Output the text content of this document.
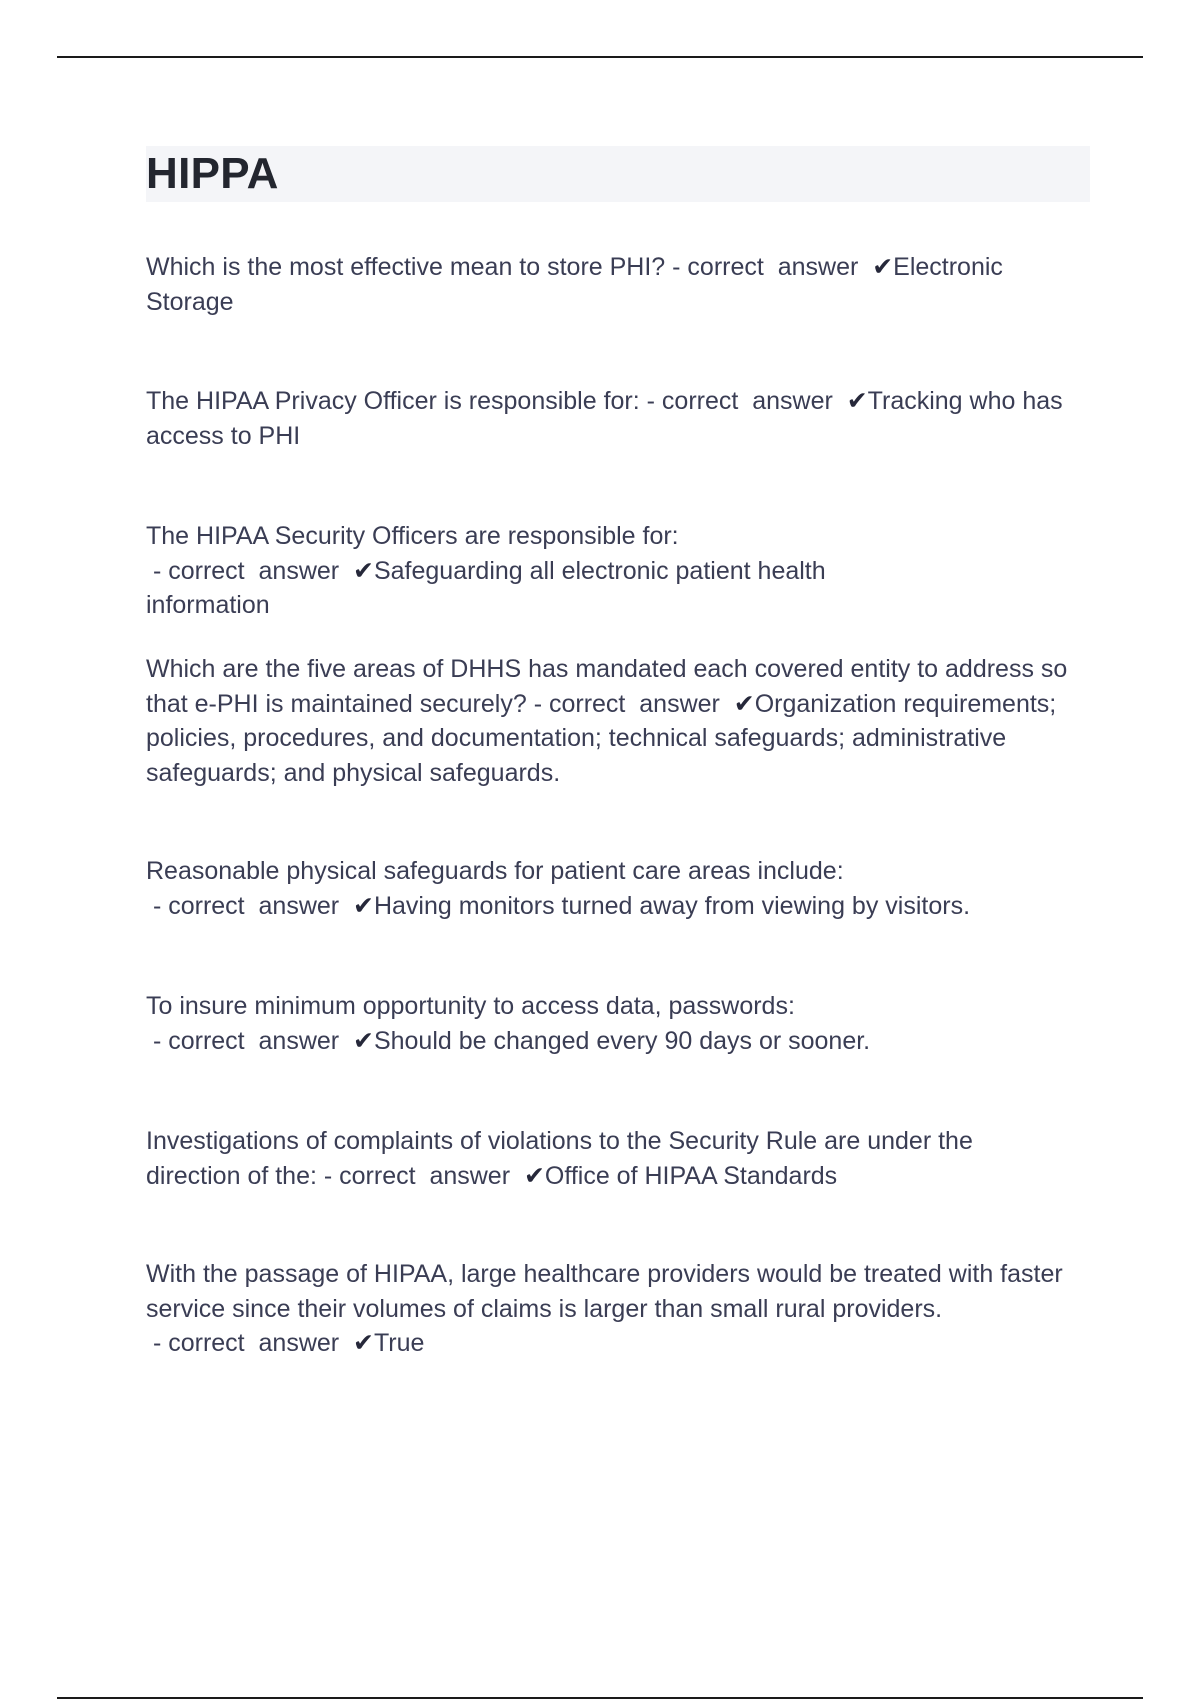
HIPPA

Which is the most effective mean to store PHI? - correct  answer  ✔Electronic Storage

The HIPAA Privacy Officer is responsible for: - correct  answer  ✔Tracking who has access to PHI

The HIPAA Security Officers are responsible for: - correct  answer  ✔Safeguarding all electronic patient health information

Which are the five areas of DHHS has mandated each covered entity to address so that e-PHI is maintained securely? - correct  answer  ✔Organization requirements; policies, procedures, and documentation; technical safeguards; administrative safeguards; and physical safeguards.

Reasonable physical safeguards for patient care areas include: - correct  answer  ✔Having monitors turned away from viewing by visitors.

To insure minimum opportunity to access data, passwords: - correct  answer  ✔Should be changed every 90 days or sooner.

Investigations of complaints of violations to the Security Rule are under the direction of the: - correct  answer  ✔Office of HIPAA Standards

With the passage of HIPAA, large healthcare providers would be treated with faster service since their volumes of claims is larger than small rural providers. - correct  answer  ✔True
